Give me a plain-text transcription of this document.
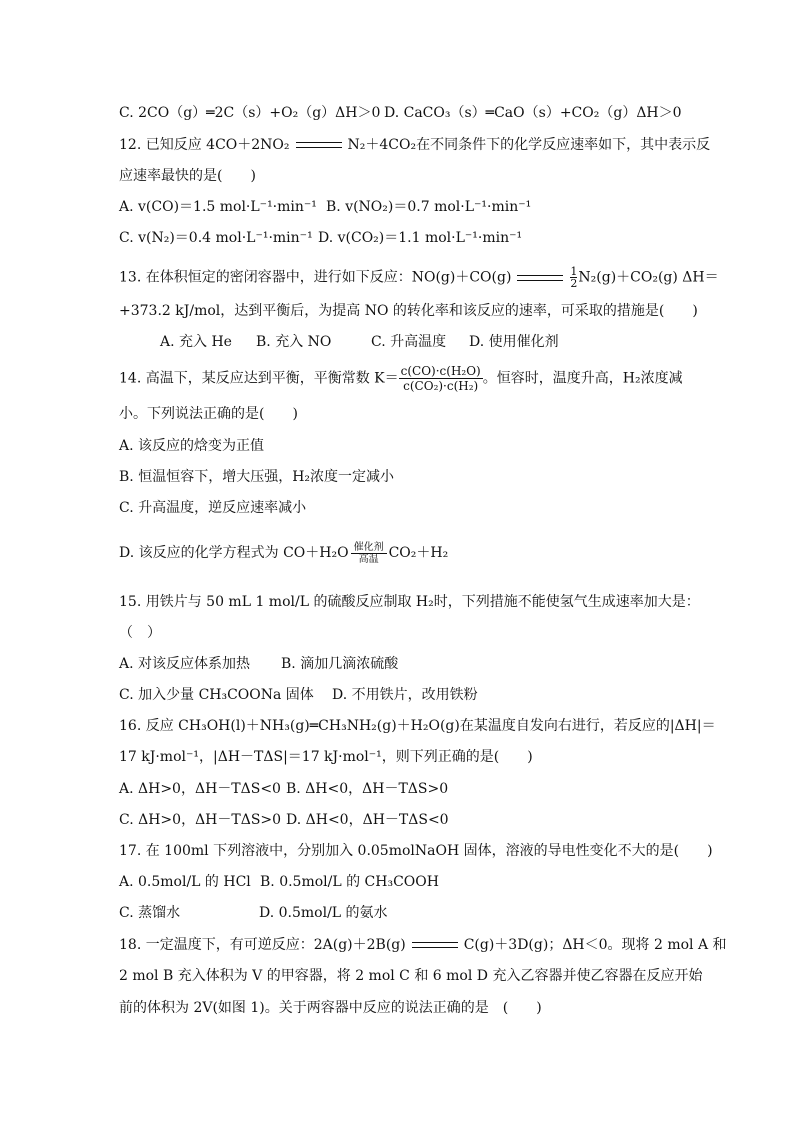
C. 2CO（g）═2C（s）+O₂（g）ΔH＞0 D. CaCO₃（s）═CaO（s）+CO₂（g）ΔH＞0
12. 已知反应 4CO＋2NO₂	N₂＋4CO₂在不同条件下的化学反应速率如下，其中表示反
应速率最快的是(　　)
A. v(CO)＝1.5 mol·L⁻¹·min⁻¹ B. v(NO₂)＝0.7 mol·L⁻¹·min⁻¹
C. v(N₂)＝0.4 mol·L⁻¹·min⁻¹ D. v(CO₂)＝1.1 mol·L⁻¹·min⁻¹
13. 在体积恒定的密闭容器中，进行如下反应：NO(g)＋CO(g)	$\frac{1}{2}N_2(g)+CO_2(g)$ ΔH＝
+373.2 kJ/mol，达到平衡后，为提高 NO 的转化率和该反应的速率，可采取的措施是(　　)
A. 充入 He B. 充入 NO	C. 升高温度 D. 使用催化剂
14. 高温下，某反应达到平衡，平衡常数 $K= \frac{\text{c(CO)·c(H₂O)}}{\text{c(CO₂)·c(H₂)}}$ 。恒容时，温度升高，H₂浓度减
小。下列说法正确的是(　　)
A. 该反应的焓变为正值
B. 恒温恒容下，增大压强，H₂浓度一定减小
C. 升高温度，逆反应速率减小
D. 该反应的化学方程式为 CO＋H₂O 催化剂
高温 CO₂＋H₂
15. 用铁片与 50 mL 1 mol/L 的硫酸反应制取 H₂时，下列措施不能使氢气生成速率加大是：
（　）
A. 对该反应体系加热 B. 滴加几滴浓硫酸
C. 加入少量 CH₃COONa 固体 D. 不用铁片，改用铁粉
16. 反应 CH₃OH(l)＋NH₃(g)═CH₃NH₂(g)＋H₂O(g)在某温度自发向右进行，若反应的|ΔH|＝
17 kJ·mol⁻¹，|ΔH－TΔS|＝17 kJ·mol⁻¹，则下列正确的是(　　)
A. ΔH>0，ΔH－TΔS<0 B. ΔH<0，ΔH－TΔS>0
C. ΔH>0，ΔH－TΔS>0 D. ΔH<0，ΔH－TΔS<0
17. 在 100ml 下列溶液中，分别加入 0.05molNaOH 固体，溶液的导电性变化不大的是(　　)
A. 0.5mol/L 的 HCl B. 0.5mol/L 的 CH₃COOH
C. 蒸馏水	D. 0.5mol/L 的氨水
18. 一定温度下，有可逆反应：2A(g)＋2B(g)	C(g)＋3D(g)；ΔH＜0。现将 2 mol A 和
2 mol B 充入体积为 V 的甲容器，将 2 mol C 和 6 mol D 充入乙容器并使乙容器在反应开始
前的体积为 2V(如图 1)。关于两容器中反应的说法正确的是　(　　)
